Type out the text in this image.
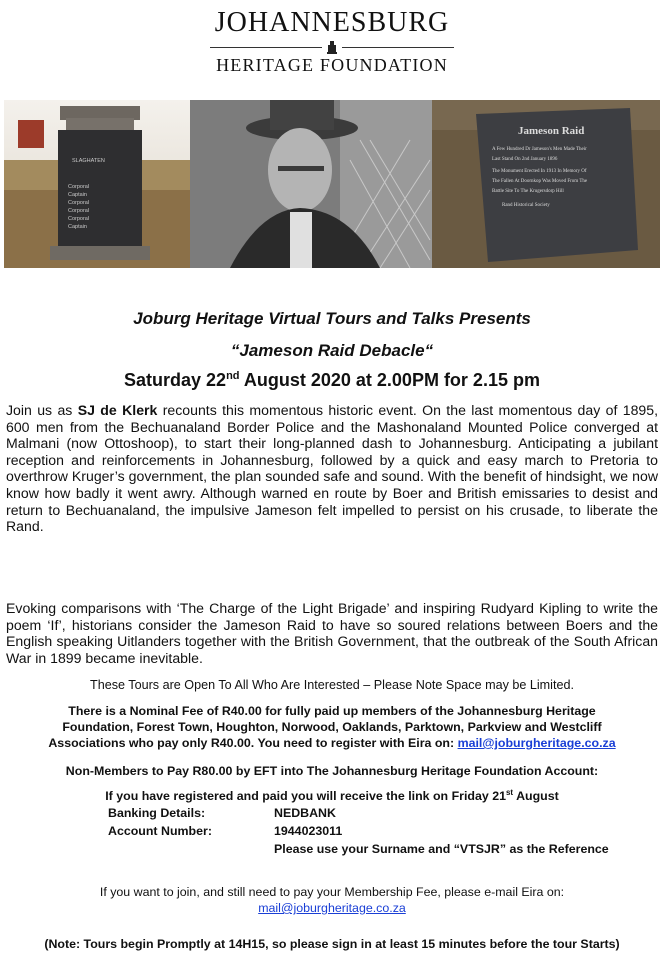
JOHANNESBURG
HERITAGE FOUNDATION
SLAGHATEN
Corporal
Captain
Corporal
Corporal
Corporal
Captain
Jameson Raid
A Few Hundred Dr Jameson's Men Made Their
Last Stand On 2nd January 1896
The Monument Erected In 1913 In Memory Of
The Fallen At Doornkop Was Moved From The
Battle Site To The Krugersdorp Hill
Rand Historical Society
Joburg Heritage Virtual Tours and Talks Presents
“Jameson Raid Debacle“
Saturday 22nd August 2020 at 2.00PM for 2.15 pm

Join us as SJ de Klerk recounts this momentous historic event. On the last momentous day of 1895, 600 men from the Bechuanaland Border Police and the Mashonaland Mounted Police converged at Malmani (now Ottoshoop), to start their long-planned dash to Johannesburg. Anticipating a jubilant reception and reinforcements in Johannesburg, followed by a quick and easy march to Pretoria to overthrow Kruger’s government, the plan sounded safe and sound. With the benefit of hindsight, we now know how badly it went awry. Although warned en route by Boer and British emissaries to desist and return to Bechuanaland, the impulsive Jameson felt impelled to persist on his crusade, to liberate the Rand.

Evoking comparisons with ‘The Charge of the Light Brigade’ and inspiring Rudyard Kipling to write the poem ‘If’, historians consider the Jameson Raid to have so soured relations between Boers and the English speaking Uitlanders together with the British Government, that the outbreak of the South African War in 1899 became inevitable.

These Tours are Open To All Who Are Interested – Please Note Space may be Limited.
There is a Nominal Fee of R40.00 for fully paid up members of the Johannesburg Heritage
Foundation, Forest Town, Houghton, Norwood, Oaklands, Parktown, Parkview and Westcliff
Associations who pay only R40.00. You need to register with Eira on: mail@joburgheritage.co.za
Non-Members to Pay R80.00 by EFT into The Johannesburg Heritage Foundation Account:
If you have registered and paid you will receive the link on Friday 21st August
Banking Details:	NEDBANK
Account Number:	1944023011
Please use your Surname and “VTSJR” as the Reference
If you want to join, and still need to pay your Membership Fee, please e-mail Eira on:
mail@joburgheritage.co.za
(Note: Tours begin Promptly at 14H15, so please sign in at least 15 minutes before the tour Starts)
